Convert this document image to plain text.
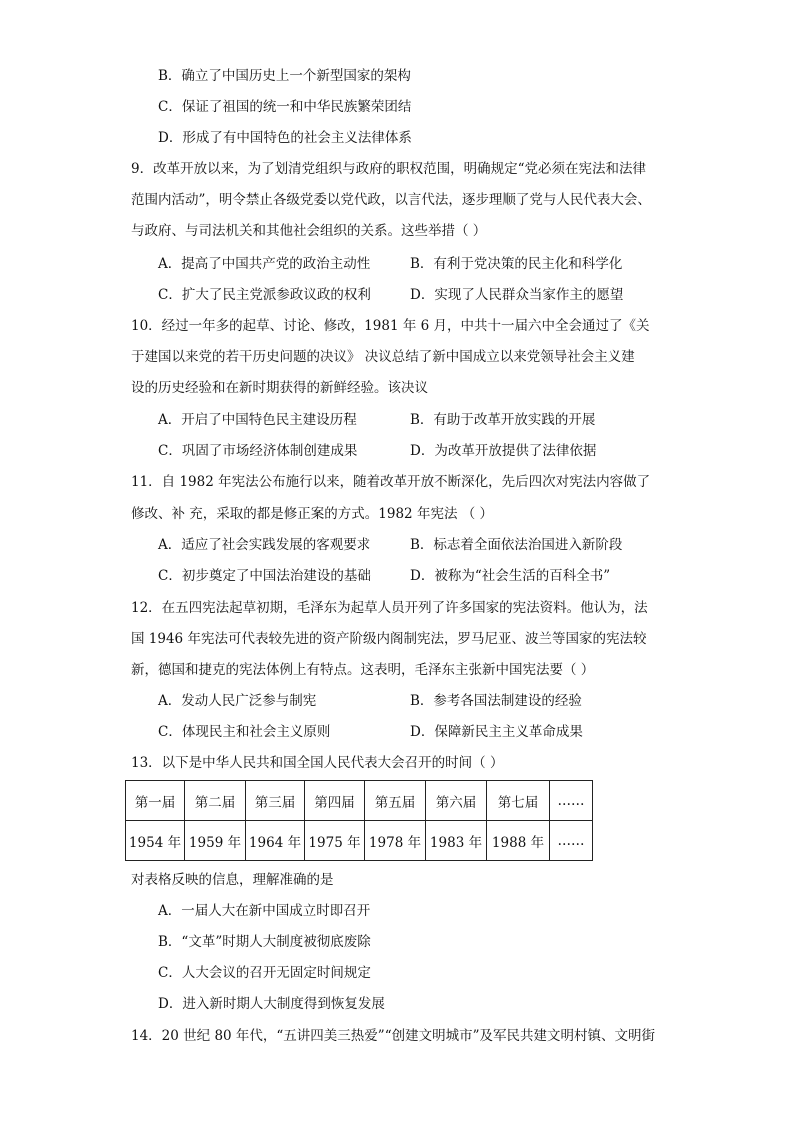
B．确立了中国历史上一个新型国家的架构
C．保证了祖国的统一和中华民族繁荣团结
D．形成了有中国特色的社会主义法律体系
9．改革开放以来，为了划清党组织与政府的职权范围，明确规定“党必须在宪法和法律
范围内活动”，明令禁止各级党委以党代政，以言代法，逐步理顺了党与人民代表大会、
与政府、与司法机关和其他社会组织的关系。这些举措（ ）
A．提高了中国共产党的政治主动性	B．有利于党决策的民主化和科学化
C．扩大了民主党派参政议政的权利	D．实现了人民群众当家作主的愿望
10．经过一年多的起草、讨论、修改，1981 年 6 月，中共十一届六中全会通过了《关
于建国以来党的若干历史问题的决议》 决议总结了新中国成立以来党领导社会主义建
设的历史经验和在新时期获得的新鲜经验。该决议
A．开启了中国特色民主建设历程	B．有助于改革开放实践的开展
C．巩固了市场经济体制创建成果	D．为改革开放提供了法律依据
11．自 1982 年宪法公布施行以来，随着改革开放不断深化，先后四次对宪法内容做了
修改、补 充，采取的都是修正案的方式。1982 年宪法 （ ）
A．适应了社会实践发展的客观要求	B．标志着全面依法治国进入新阶段
C．初步奠定了中国法治建设的基础	D．被称为“社会生活的百科全书”
12．在五四宪法起草初期，毛泽东为起草人员开列了许多国家的宪法资料。他认为，法
国 1946 年宪法可代表较先进的资产阶级内阁制宪法，罗马尼亚、波兰等国家的宪法较
新，德国和捷克的宪法体例上有特点。这表明，毛泽东主张新中国宪法要（ ）
A．发动人民广泛参与制宪	B．参考各国法制建设的经验
C．体现民主和社会主义原则	D．保障新民主主义革命成果
13．以下是中华人民共和国全国人民代表大会召开的时间（ ）
第一届	第二届	第三届	第四届	第五届	第六届	第七届	……
1954 年	1959 年	1964 年	1975 年	1978 年	1983 年	1988 年	……
对表格反映的信息，理解准确的是
A．一届人大在新中国成立时即召开
B．“文革”时期人大制度被彻底废除
C．人大会议的召开无固定时间规定
D．进入新时期人大制度得到恢复发展
14．20 世纪 80 年代，“五讲四美三热爱”“创建文明城市”及军民共建文明村镇、文明街
